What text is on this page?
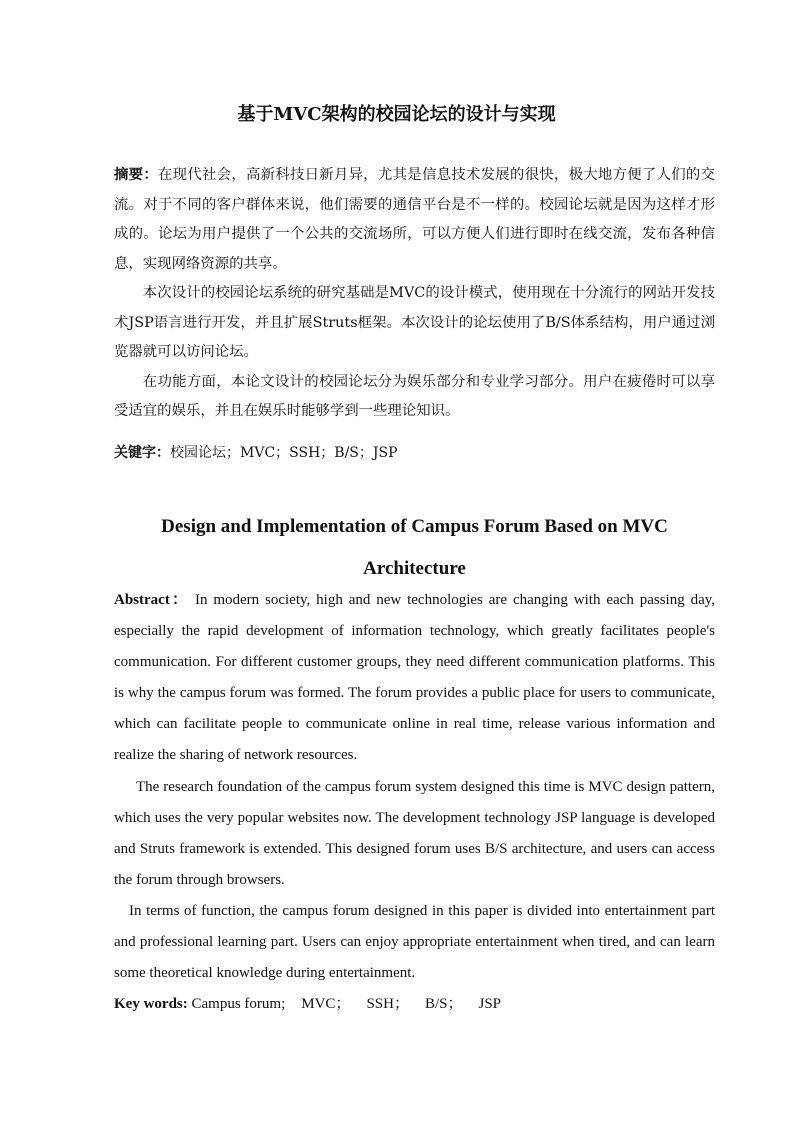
基于MVC架构的校园论坛的设计与实现

摘要：在现代社会，高新科技日新月异，尤其是信息技术发展的很快，极大地方便了人们的交流。对于不同的客户群体来说，他们需要的通信平台是不一样的。校园论坛就是因为这样才形成的。论坛为用户提供了一个公共的交流场所，可以方便人们进行即时在线交流，发布各种信息，实现网络资源的共享。

本次设计的校园论坛系统的研究基础是MVC的设计模式，使用现在十分流行的网站开发技术JSP语言进行开发，并且扩展Struts框架。本次设计的论坛使用了B/S体系结构，用户通过浏览器就可以访问论坛。

在功能方面，本论文设计的校园论坛分为娱乐部分和专业学习部分。用户在疲倦时可以享受适宜的娱乐，并且在娱乐时能够学到一些理论知识。

关键字：校园论坛；MVC；SSH；B/S；JSP
Design and Implementation of Campus Forum Based on MVC Architecture

Abstract： In modern society, high and new technologies are changing with each passing day, especially the rapid development of information technology, which greatly facilitates people's communication. For different customer groups, they need different communication platforms. This is why the campus forum was formed. The forum provides a public place for users to communicate, which can facilitate people to communicate online in real time, release various information and realize the sharing of network resources.

The research foundation of the campus forum system designed this time is MVC design pattern, which uses the very popular websites now. The development technology JSP language is developed and Struts framework is extended. This designed forum uses B/S architecture, and users can access the forum through browsers.

In terms of function, the campus forum designed in this paper is divided into entertainment part and professional learning part. Users can enjoy appropriate entertainment when tired, and can learn some theoretical knowledge during entertainment.

Key words: Campus forum; MVC； SSH； B/S； JSP
